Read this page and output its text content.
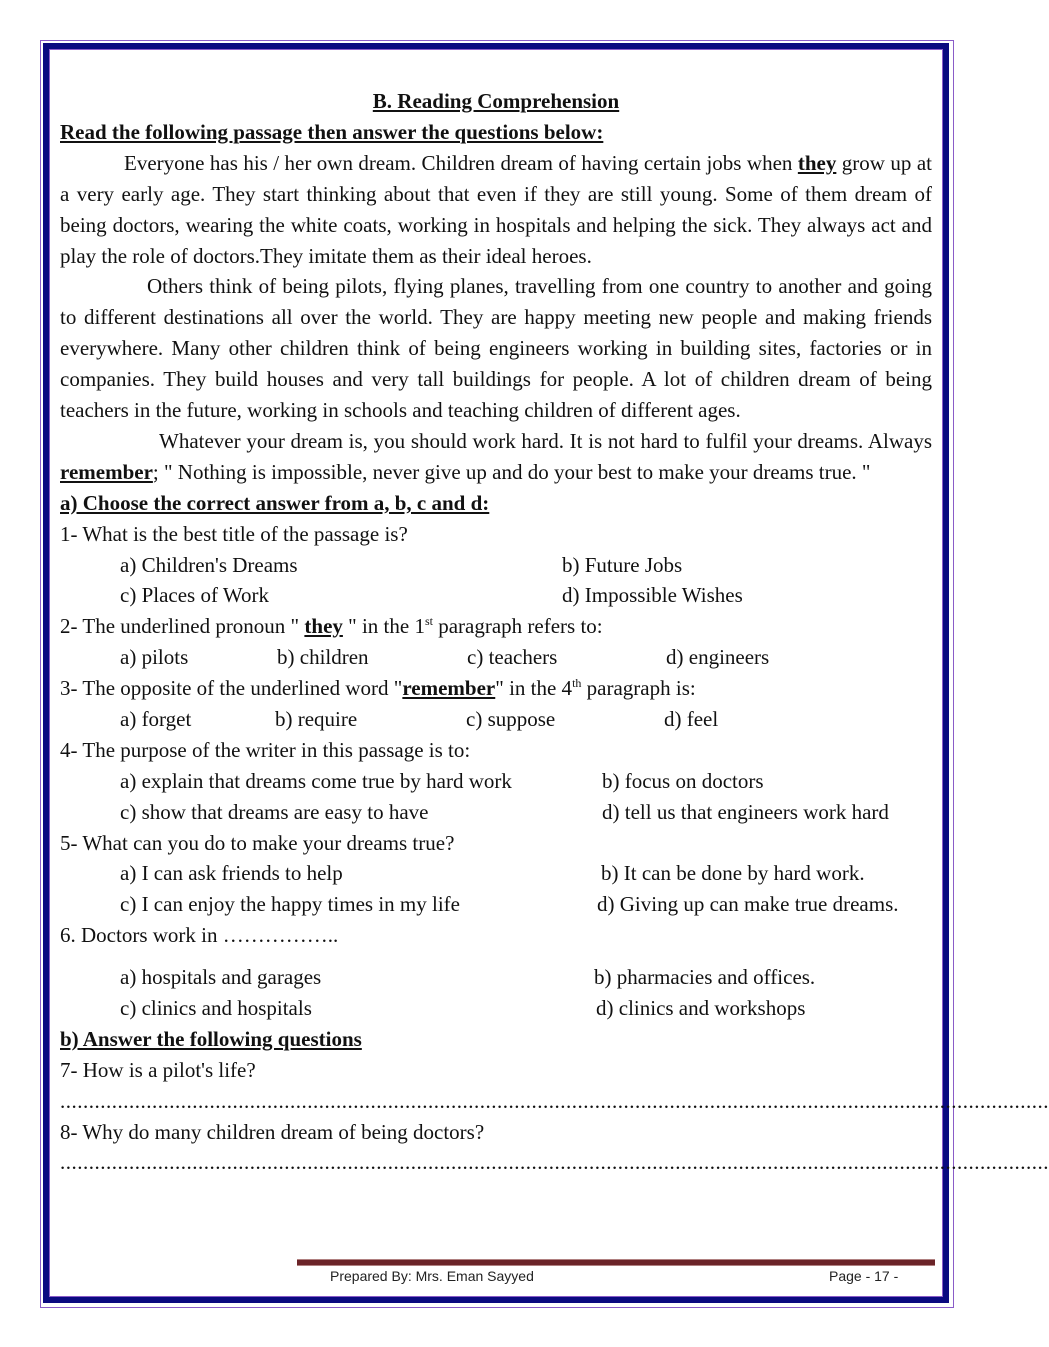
B. Reading Comprehension
Read the following passage then answer the questions below:
Everyone has his / her own dream. Children dream of having certain jobs when they grow up at a very early age. They start thinking about that even if they are still young. Some of them dream of being doctors, wearing the white coats, working in hospitals and helping the sick. They always act and play the role of doctors.They imitate them as their ideal heroes.
Others think of being pilots, flying planes, travelling from one country to another and going to different destinations all over the world. They are happy meeting new people and making friends everywhere. Many other children think of being engineers working in building sites, factories or in companies. They build houses and very tall buildings for people. A lot of children dream of being teachers in the future, working in schools and teaching children of different ages.
Whatever your dream is, you should work hard. It is not hard to fulfil your dreams. Always remember; " Nothing is impossible, never give up and do your best to make your dreams true. "
a) Choose the correct answer from a, b, c and d:
1- What is the best title of the passage is?
a) Children's Dreams	b) Future Jobs
c) Places of Work	d) Impossible Wishes
2- The underlined pronoun " they " in the 1st paragraph refers to:
a) pilots	b) children	c) teachers	d) engineers
3- The opposite of the underlined word "remember" in the 4th paragraph is:
a) forget	b) require	c) suppose	d) feel
4- The purpose of the writer in this passage is to:
a) explain that dreams come true by hard work	b) focus on doctors
c) show that dreams are easy to have	d) tell us that engineers work hard
5- What can you do to make your dreams true?
a) I can ask friends to help	b) It can be done by hard work.
c) I can enjoy the happy times in my life	d) Giving up can make true dreams.
6. Doctors work in ……………..
a) hospitals and garages	b) pharmacies and offices.
c) clinics and hospitals	d) clinics and workshops
b) Answer the following questions
7- How is a pilot's life?
............................................................................................................................................................................
8- Why do many children dream of being doctors?
............................................................................................................................................................................
Prepared By: Mrs. Eman Sayyed	Page - 17 -
